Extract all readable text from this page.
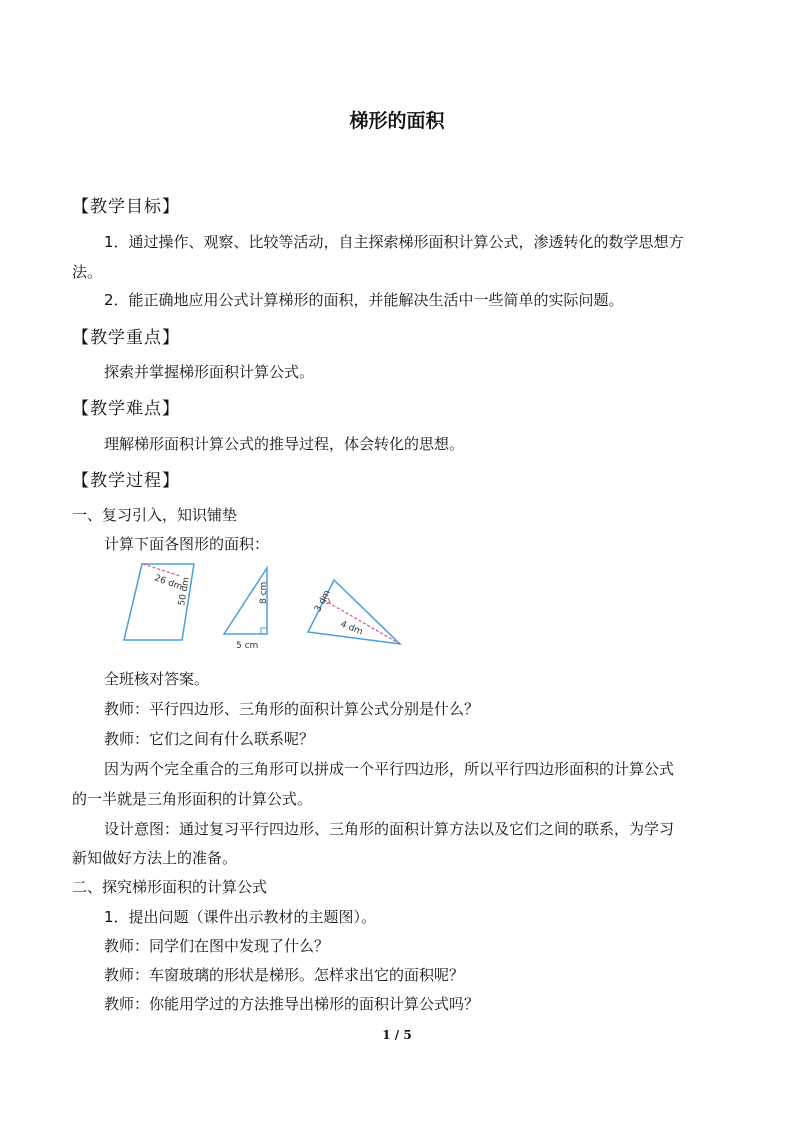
梯形的面积
【教学目标】
1．通过操作、观察、比较等活动，自主探索梯形面积计算公式，渗透转化的数学思想方
法。
2．能正确地应用公式计算梯形的面积，并能解决生活中一些简单的实际问题。
【教学重点】
探索并掌握梯形面积计算公式。
【教学难点】
理解梯形面积计算公式的推导过程，体会转化的思想。
【教学过程】
一、复习引入，知识铺垫
计算下面各图形的面积：
26 dm
50 dm	8 cm
5 cm
3 dm
4 dm
全班核对答案。
教师：平行四边形、三角形的面积计算公式分别是什么？
教师：它们之间有什么联系呢？
因为两个完全重合的三角形可以拼成一个平行四边形，所以平行四边形面积的计算公式
的一半就是三角形面积的计算公式。
设计意图：通过复习平行四边形、三角形的面积计算方法以及它们之间的联系，为学习
新知做好方法上的准备。
二、探究梯形面积的计算公式
1．提出问题（课件出示教材的主题图）。
教师：同学们在图中发现了什么？
教师：车窗玻璃的形状是梯形。怎样求出它的面积呢？
教师：你能用学过的方法推导出梯形的面积计算公式吗？
1 / 5
